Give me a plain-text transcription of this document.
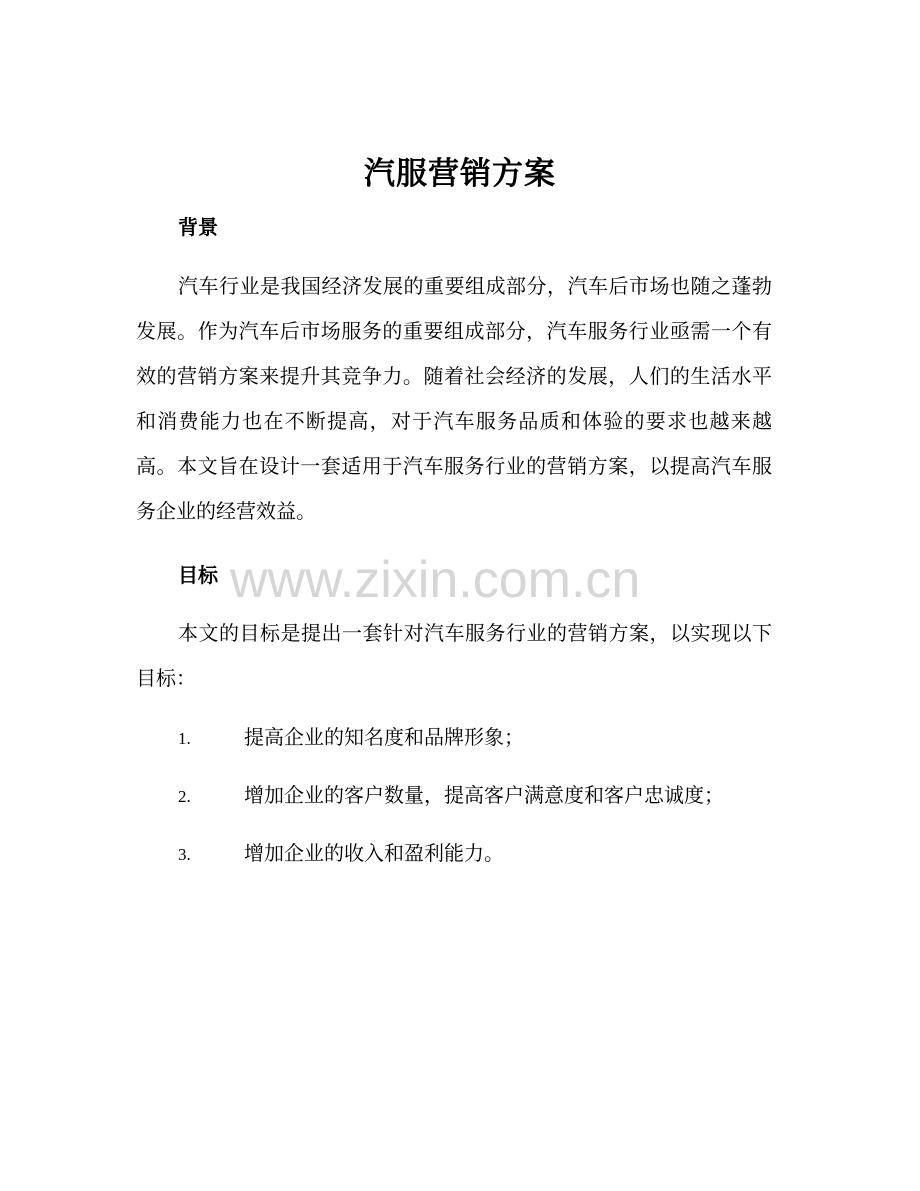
汽服营销方案
背景
汽车行业是我国经济发展的重要组成部分，汽车后市场也随之蓬勃发展。作为汽车后市场服务的重要组成部分，汽车服务行业亟需一个有效的营销方案来提升其竞争力。随着社会经济的发展，人们的生活水平和消费能力也在不断提高，对于汽车服务品质和体验的要求也越来越高。本文旨在设计一套适用于汽车服务行业的营销方案，以提高汽车服务企业的经营效益。
目标
本文的目标是提出一套针对汽车服务行业的营销方案，以实现以下目标：
1.	提高企业的知名度和品牌形象；
2.	增加企业的客户数量，提高客户满意度和客户忠诚度；
3.	增加企业的收入和盈利能力。
www.zixin.com.cn
